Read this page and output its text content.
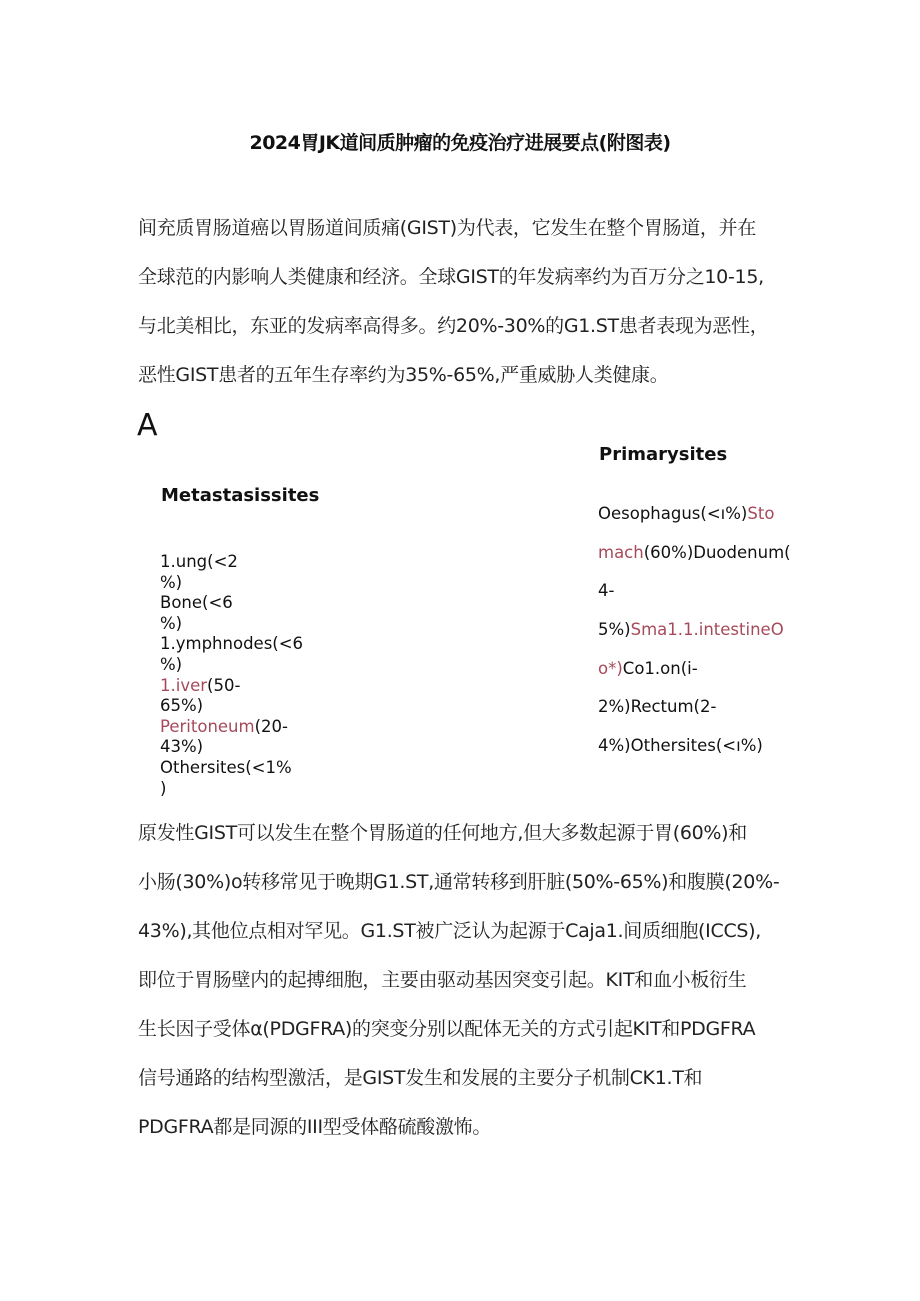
2024胃JK道间质肿瘤的免疫治疗进展要点(附图表)
间充质胃肠道癌以胃肠道间质痛(GIST)为代表，它发生在整个胃肠道，并在
全球范的内影响人类健康和经济。全球GIST的年发病率约为百万分之10-15,
与北美相比，东亚的发病率高得多。约20%-30%的G1.ST患者表现为恶性，
恶性GIST患者的五年生存率约为35%-65%,严重威胁人类健康。
A
Primarysites
Metastasissites
1.ung(<2
%)
Bone(<6
%)
1.ymphnodes(<6
%)
1.iver(50-
65%)
Peritoneum(20-
43%)
Othersites(<1%
)
Oesophagus(<ı%)Sto
mach(60%)Duodenum(
4-
5%)Sma1.1.intestineO
o*)Co1.on(i-
2%)Rectum(2-
4%)Othersites(<ı%)
原发性GIST可以发生在整个胃肠道的任何地方,但大多数起源于胃(60%)和
小肠(30%)o转移常见于晚期G1.ST,通常转移到肝脏(50%-65%)和腹膜(20%-
43%),其他位点相对罕见。G1.ST被广泛认为起源于Caja1.间质细胞(ICCS),
即位于胃肠壁内的起搏细胞，主要由驱动基因突变引起。KIT和血小板衍生
生长因子受体α(PDGFRA)的突变分别以配体无关的方式引起KIT和PDGFRA
信号通路的结构型激活，是GIST发生和发展的主要分子机制CK1.T和
PDGFRA都是同源的III型受体酪硫酸激怖。
